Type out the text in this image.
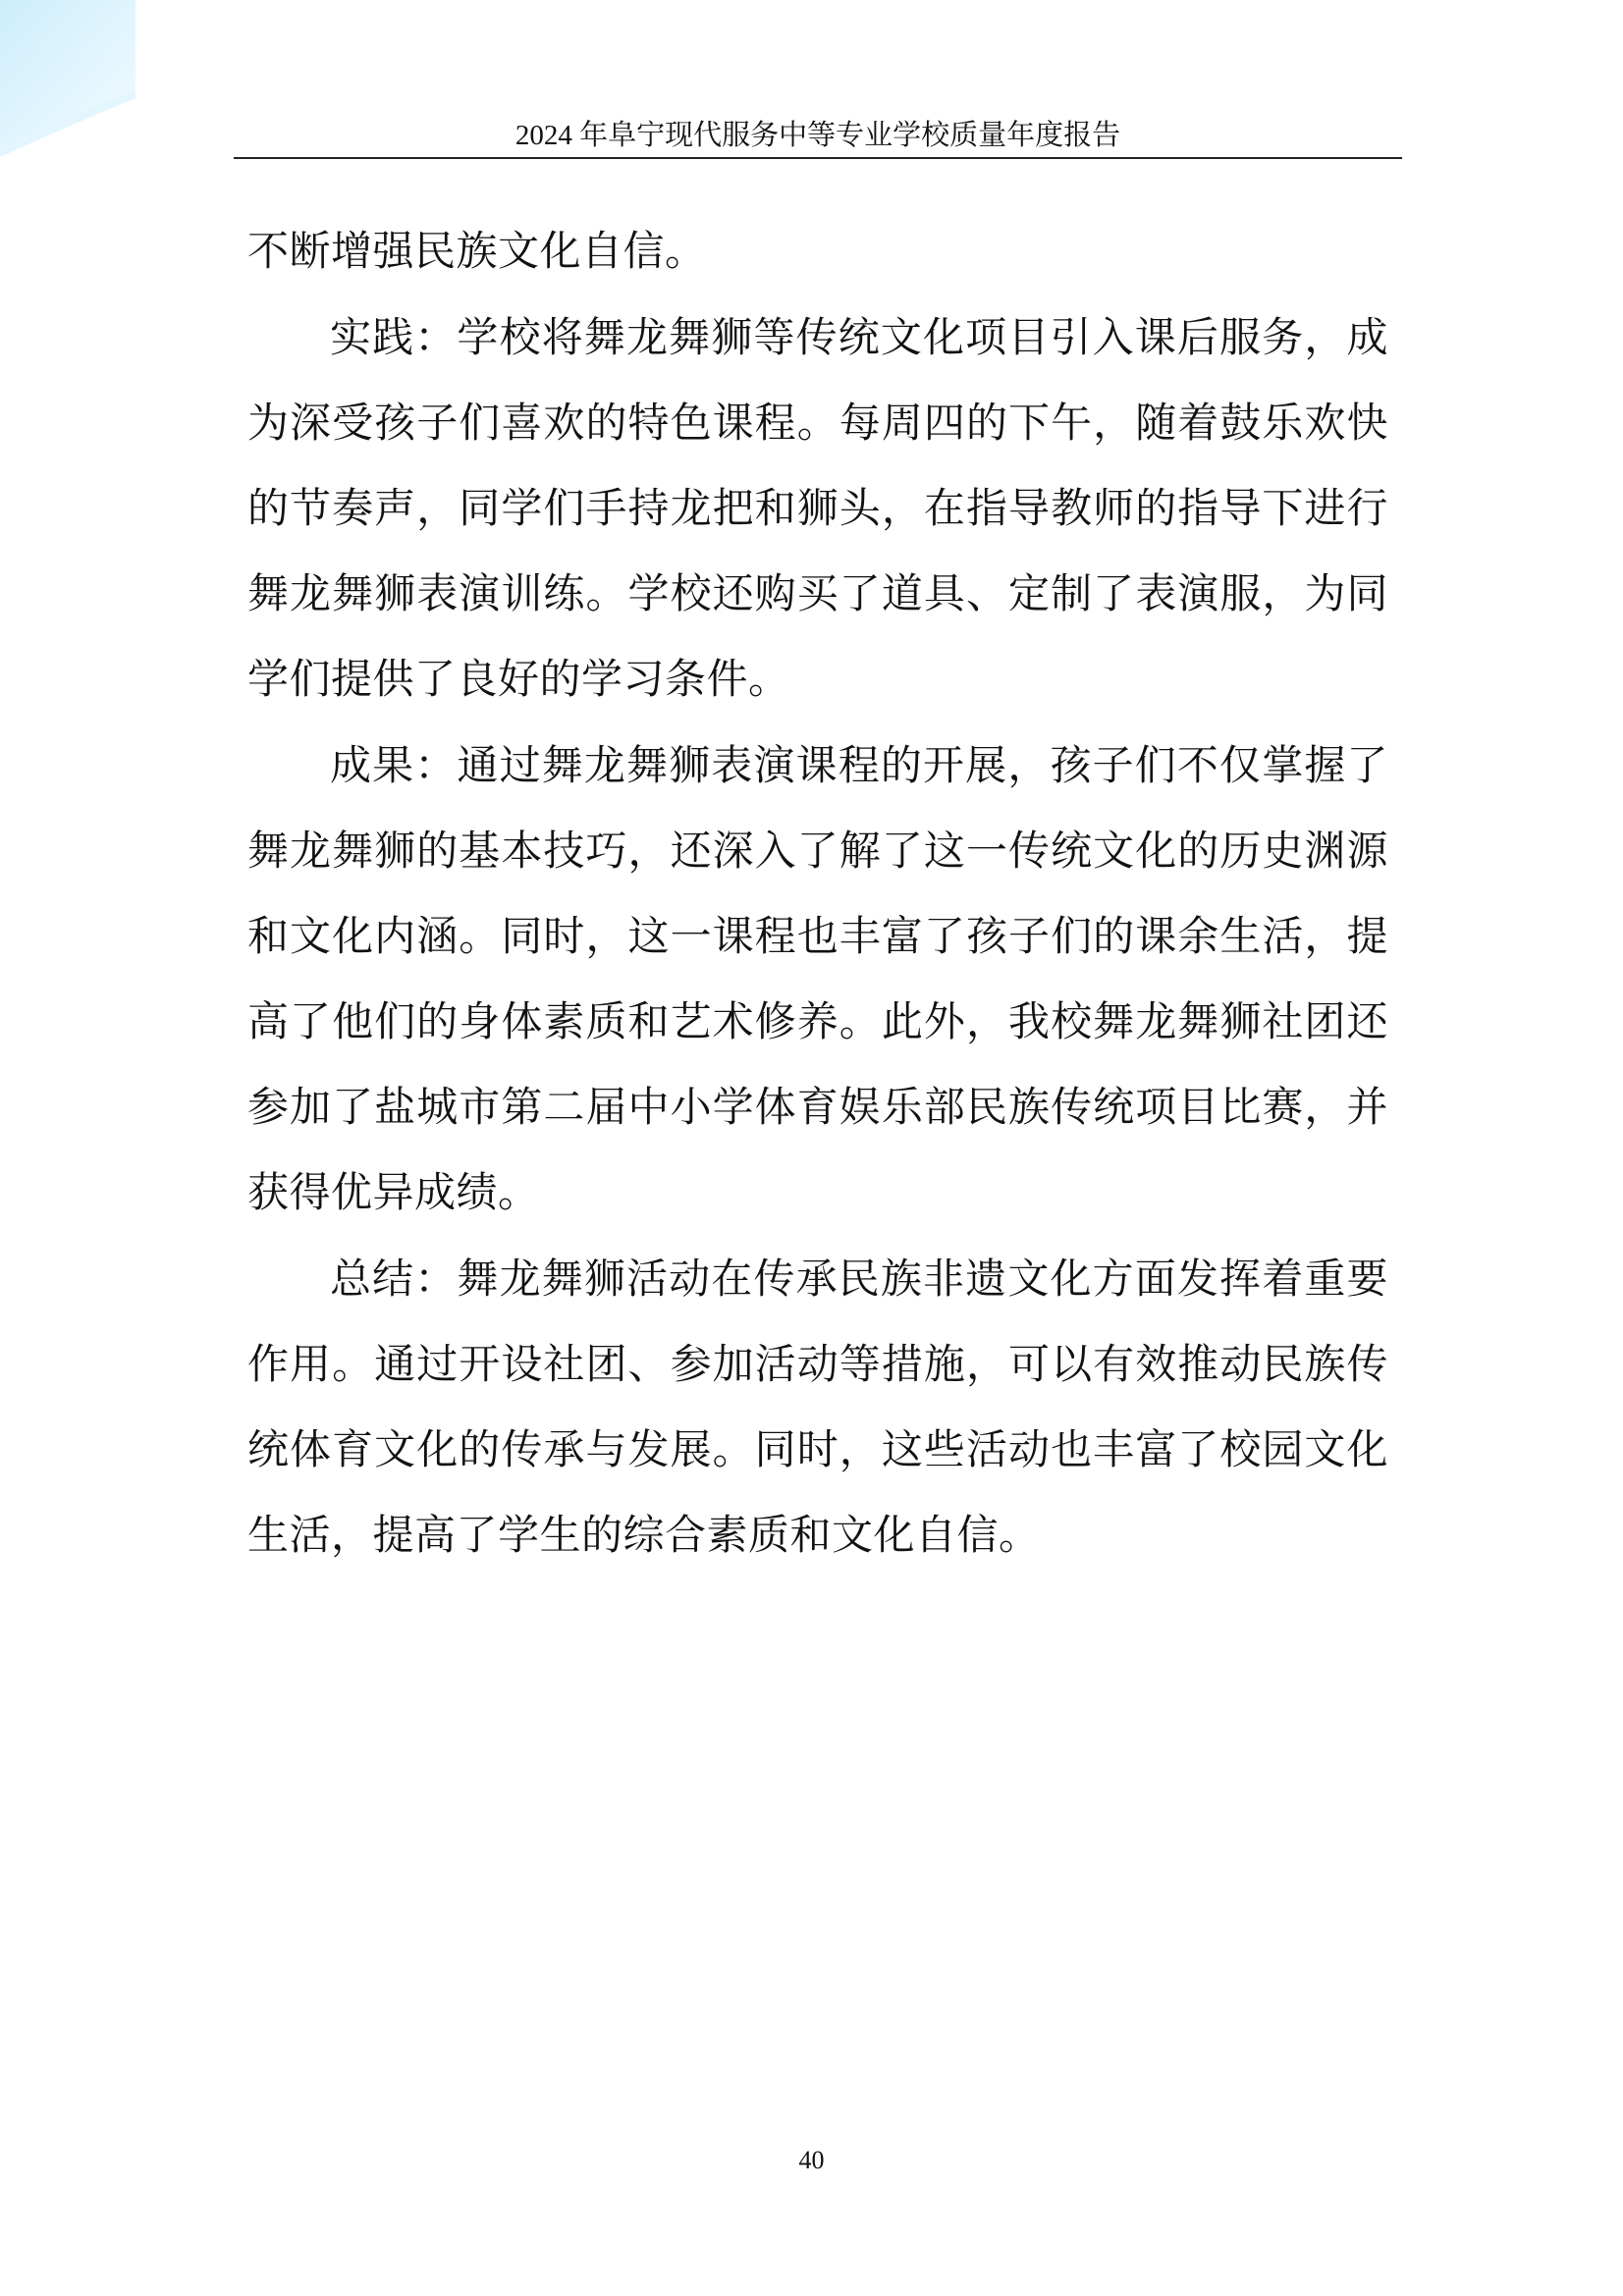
2024 年阜宁现代服务中等专业学校质量年度报告

不断增强民族文化自信。

实践：学校将舞龙舞狮等传统文化项目引入课后服务，成为深受孩子们喜欢的特色课程。每周四的下午，随着鼓乐欢快的节奏声，同学们手持龙把和狮头，在指导教师的指导下进行舞龙舞狮表演训练。学校还购买了道具、定制了表演服，为同学们提供了良好的学习条件。

成果：通过舞龙舞狮表演课程的开展，孩子们不仅掌握了舞龙舞狮的基本技巧，还深入了解了这一传统文化的历史渊源和文化内涵。同时，这一课程也丰富了孩子们的课余生活，提高了他们的身体素质和艺术修养。此外，我校舞龙舞狮社团还参加了盐城市第二届中小学体育娱乐部民族传统项目比赛，并获得优异成绩。

总结：舞龙舞狮活动在传承民族非遗文化方面发挥着重要作用。通过开设社团、参加活动等措施，可以有效推动民族传统体育文化的传承与发展。同时，这些活动也丰富了校园文化生活，提高了学生的综合素质和文化自信。

40
